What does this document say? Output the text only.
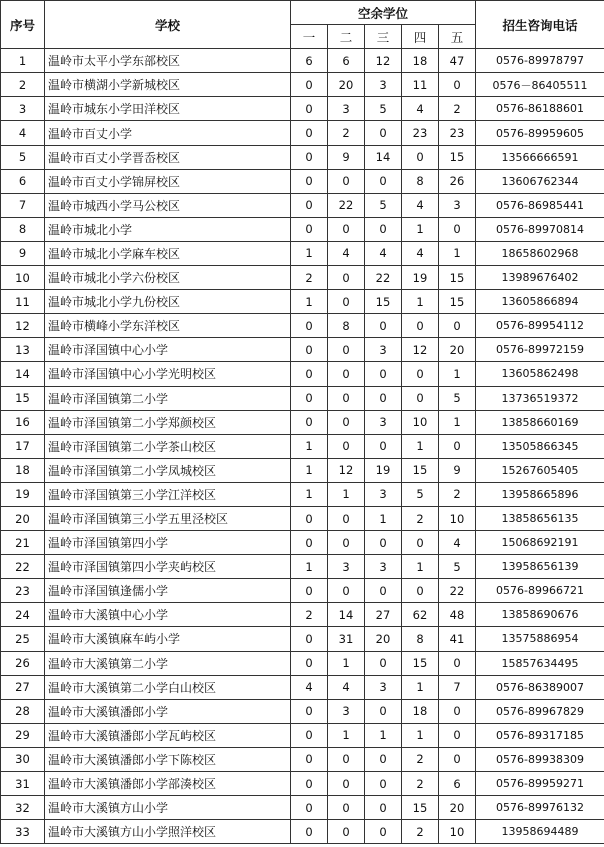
序号	学校	空余学位					招生咨询电话
		一	二	三	四	五	
1	温岭市太平小学东部校区	6	6	12	18	47	0576-89978797
2	温岭市横湖小学新城校区	0	20	3	11	0	0576－86405511
3	温岭市城东小学田洋校区	0	3	5	4	2	0576-86188601
4	温岭市百丈小学	0	2	0	23	23	0576-89959605
5	温岭市百丈小学晋岙校区	0	9	14	0	15	13566666591
6	温岭市百丈小学锦屏校区	0	0	0	8	26	13606762344
7	温岭市城西小学马公校区	0	22	5	4	3	0576-86985441
8	温岭市城北小学	0	0	0	1	0	0576-89970814
9	温岭市城北小学麻车校区	1	4	4	4	1	18658602968
10	温岭市城北小学六份校区	2	0	22	19	15	13989676402
11	温岭市城北小学九份校区	1	0	15	1	15	13605866894
12	温岭市横峰小学东洋校区	0	8	0	0	0	0576-89954112
13	温岭市泽国镇中心小学	0	0	3	12	20	0576-89972159
14	温岭市泽国镇中心小学光明校区	0	0	0	0	1	13605862498
15	温岭市泽国镇第二小学	0	0	0	0	5	13736519372
16	温岭市泽国镇第二小学郑颜校区	0	0	3	10	1	13858660169
17	温岭市泽国镇第二小学茶山校区	1	0	0	1	0	13505866345
18	温岭市泽国镇第二小学凤城校区	1	12	19	15	9	15267605405
19	温岭市泽国镇第三小学江洋校区	1	1	3	5	2	13958665896
20	温岭市泽国镇第三小学五里泾校区	0	0	1	2	10	13858656135
21	温岭市泽国镇第四小学	0	0	0	0	4	15068692191
22	温岭市泽国镇第四小学夹屿校区	1	3	3	1	5	13958656139
23	温岭市泽国镇逢儒小学	0	0	0	0	22	0576-89966721
24	温岭市大溪镇中心小学	2	14	27	62	48	13858690676
25	温岭市大溪镇麻车屿小学	0	31	20	8	41	13575886954
26	温岭市大溪镇第二小学	0	1	0	15	0	15857634495
27	温岭市大溪镇第二小学白山校区	4	4	3	1	7	0576-86389007
28	温岭市大溪镇潘郎小学	0	3	0	18	0	0576-89967829
29	温岭市大溪镇潘郎小学瓦屿校区	0	1	1	1	0	0576-89317185
30	温岭市大溪镇潘郎小学下陈校区	0	0	0	2	0	0576-89938309
31	温岭市大溪镇潘郎小学部湊校区	0	0	0	2	6	0576-89959271
32	温岭市大溪镇方山小学	0	0	0	15	20	0576-89976132
33	温岭市大溪镇方山小学照洋校区	0	0	0	2	10	13958694489
